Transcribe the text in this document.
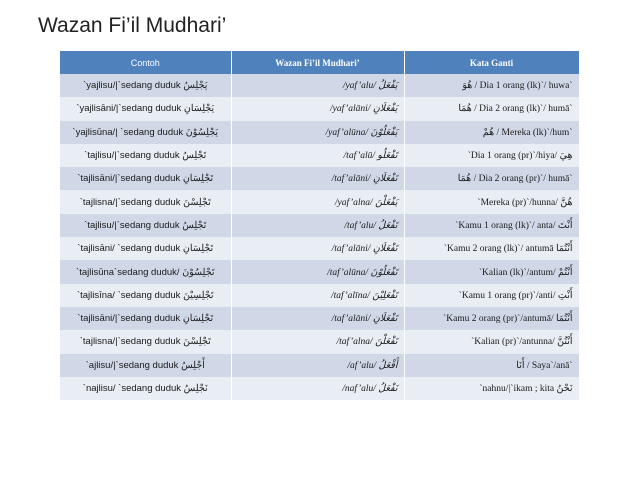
Wazan Fi’il Mudhari’
Contoh	Wazan Fi’il Mudhari’	Kata Ganti
`yajlisu/|`sedang duduk يَجْلِسُ	/yaf’alu/ يَفْعَلُ	هُوَ / Dia 1 orang (lk)`/ huwa`
`yajlisāni/|`sedang duduk يَجْلِسَانِ	/yaf’alāni/ يَفْعَلَانِ	هُمَا / Dia 2 orang (lk)`/ humā`
`yajlisūna/| `sedang duduk يَجْلِسُوْنَ	/yaf’alūna/ يَفْعَلُوْنَ	هُمْ / Mereka (lk)`/hum`
`tajlisu/|`sedang duduk تَجْلِسُ	/taf’alū/ تَفْعَلُو	`Dia 1 orang (pr)`/hiya/ هِيَ
`tajlisāni/|`sedang duduk تَجْلِسَانِ	/taf’alāni/ تَفْعَلَانِ	هُمَا / Dia 2 orang (pr)`/ humā`
`tajlisna/|`sedang duduk تَجْلِسْنَ	/yaf’alna/ يَفْعَلْنَ	`Mereka (pr)`/hunna/ هُنَّ
`tajlisu/|`sedang duduk تَجْلِسُ	/taf’alu/ تَفْعَلُ	`Kamu 1 orang (lk)`/ anta/ أَنْتَ
`tajlisāni/ `sedang duduk تَجْلِسَانِ	/taf’alāni/ تَفْعَلَانِ	`Kamu 2 orang (lk)`/ antumā أَنْتُمَا
`tajlisūna`sedang duduk/ تَجْلِسُوْنَ	/taf’alūna/ تَفْعَلُوْنَ	`Kalian (lk)`/antum/ أَنْتُمْ
`tajlisīna/ `sedang duduk تَجْلِسِيْنَ	/taf’alīna/ تَفْعَلِيْنَ	`Kamu 1 orang (pr)`/anti/ أَنْتِ
`tajlisāni/|`sedang duduk تَجْلِسَانِ	/taf’alāni/ تَفْعَلَانِ	`Kamu 2 orang (pr)`/antumā/ أَنْتُمَا
`tajlisna/|`sedang duduk تَجْلِسْنَ	/taf’alna/ تَفْعَلْنَ	`Kalian (pr)`/antunna/ أَنْتُنَّ
`ajlisu/|`sedang duduk أَجْلِسُ	/af’alu/ أَفْعَلُ	أَنَا / Saya`/anā`
`najlisu/ `sedang duduk نَجْلِسُ	/naf’alu/ نَفْعَلُ	`nahnu/|`ikam ; kita نَحْنُ
